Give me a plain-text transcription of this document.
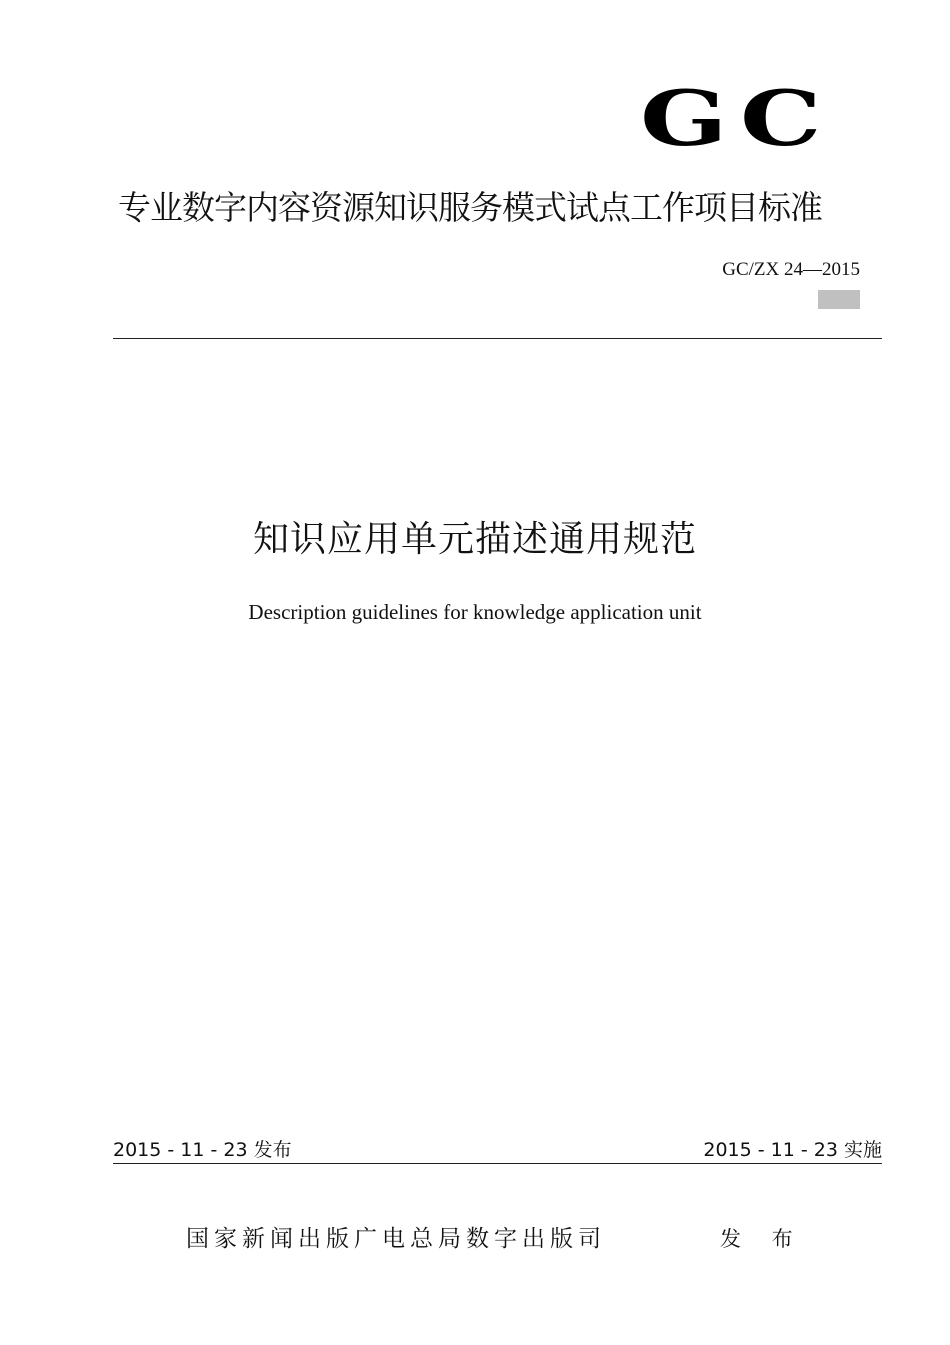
GC
专业数字内容资源知识服务模式试点工作项目标准
GC/ZX 24—2015
知识应用单元描述通用规范
Description guidelines for knowledge application unit
2015 - 11 - 23 发布	2015 - 11 - 23 实施
国家新闻出版广电总局数字出版司	发 布
